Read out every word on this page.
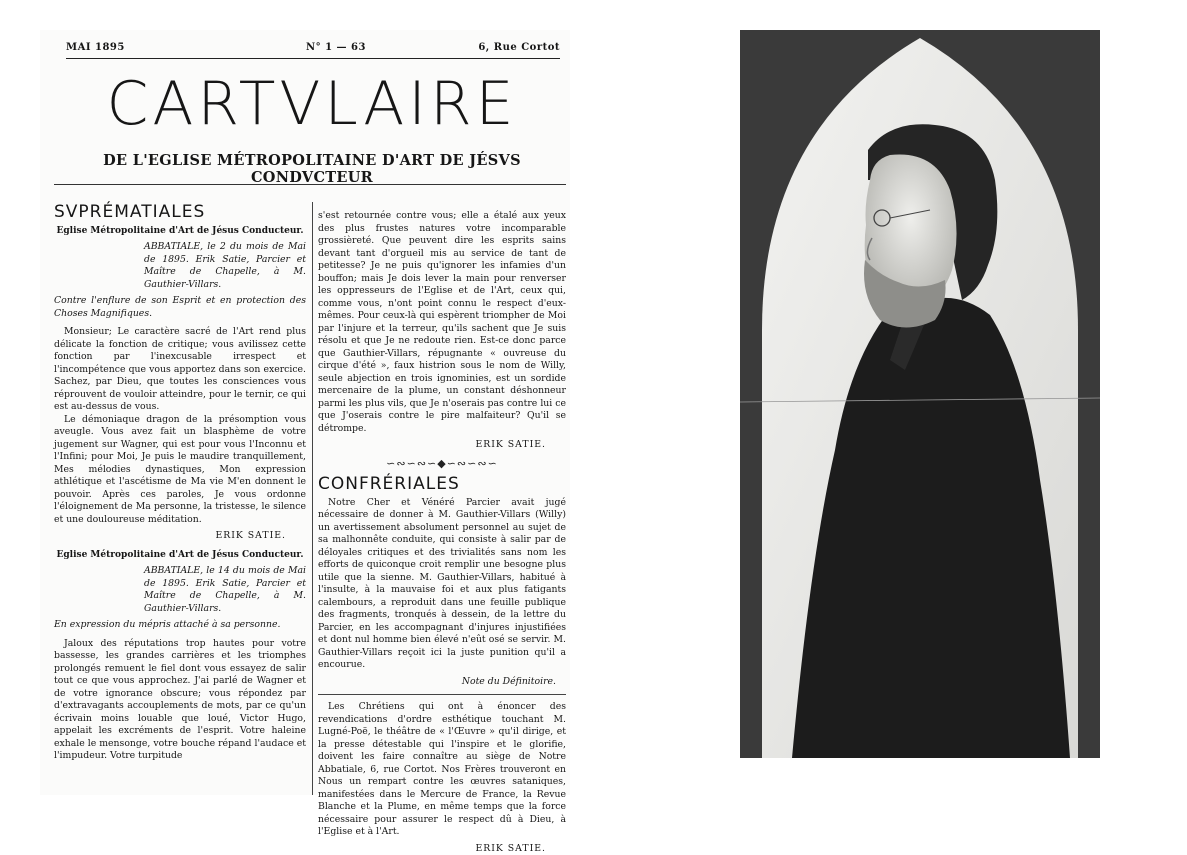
MAI 1895	N° 1 — 63	6, Rue Cortot
CARTVLAIRE
DE L'EGLISE MÉTROPOLITAINE D'ART DE JÉSVS CONDVCTEUR
SVPRÉMATIALES
Eglise Métropolitaine d'Art de Jésus Conducteur.
ABBATIALE, le 2 du mois de Mai de 1895. Erik Satie, Parcier et Maître de Chapelle, à M. Gauthier-Villars.
Contre l'enflure de son Esprit et en protection des Choses Magnifiques.

Monsieur; Le caractère sacré de l'Art rend plus délicate la fonction de critique; vous avilissez cette fonction par l'inexcusable irrespect et l'incompétence que vous apportez dans son exercice. Sachez, par Dieu, que toutes les consciences vous réprouvent de vouloir atteindre, pour le ternir, ce qui est au-dessus de vous.

Le démoniaque dragon de la présomption vous aveugle. Vous avez fait un blasphème de votre jugement sur Wagner, qui est pour vous l'Inconnu et l'Infini; pour Moi, Je puis le maudire tranquillement, Mes mélodies dynastiques, Mon expression athlétique et l'ascétisme de Ma vie M'en donnent le pouvoir. Après ces paroles, Je vous ordonne l'éloignement de Ma personne, la tristesse, le silence et une douloureuse méditation.

ERIK SATIE.
Eglise Métropolitaine d'Art de Jésus Conducteur.
ABBATIALE, le 14 du mois de Mai de 1895. Erik Satie, Parcier et Maître de Chapelle, à M. Gauthier-Villars.
En expression du mépris attaché à sa personne.

Jaloux des réputations trop hautes pour votre bassesse, les grandes carrières et les triomphes prolongés remuent le fiel dont vous essayez de salir tout ce que vous approchez. J'ai parlé de Wagner et de votre ignorance obscure; vous répondez par d'extravagants accouplements de mots, par ce qu'un écrivain moins louable que loué, Victor Hugo, appelait les excréments de l'esprit. Votre haleine exhale le mensonge, votre bouche répand l'audace et l'impudeur. Votre turpitude

s'est retournée contre vous; elle a étalé aux yeux des plus frustes natures votre incomparable grossièreté. Que peuvent dire les esprits sains devant tant d'orgueil mis au service de tant de petitesse? Je ne puis qu'ignorer les infamies d'un bouffon; mais Je dois lever la main pour renverser les oppresseurs de l'Eglise et de l'Art, ceux qui, comme vous, n'ont point connu le respect d'eux-mêmes. Pour ceux-là qui espèrent triompher de Moi par l'injure et la terreur, qu'ils sachent que Je suis résolu et que Je ne redoute rien. Est-ce donc parce que Gauthier-Villars, répugnante « ouvreuse du cirque d'été », faux histrion sous le nom de Willy, seule abjection en trois ignominies, est un sordide mercenaire de la plume, un constant déshonneur parmi les plus vils, que Je n'oserais pas contre lui ce que J'oserais contre le pire malfaiteur? Qu'il se détrompe.

ERIK SATIE.
∽∾∽∾∽◆∽∾∽∾∽
CONFRÉRIALES

Notre Cher et Vénéré Parcier avait jugé nécessaire de donner à M. Gauthier-Villars (Willy) un avertissement absolument personnel au sujet de sa malhonnête conduite, qui consiste à salir par de déloyales critiques et des trivialités sans nom les efforts de quiconque croit remplir une besogne plus utile que la sienne. M. Gauthier-Villars, habitué à l'insulte, à la mauvaise foi et aux plus fatigants calembours, a reproduit dans une feuille publique des fragments, tronqués à dessein, de la lettre du Parcier, en les accompagnant d'injures injustifiées et dont nul homme bien élevé n'eût osé se servir. M. Gauthier-Villars reçoit ici la juste punition qu'il a encourue.

Note du Définitoire.

Les Chrétiens qui ont à énoncer des revendications d'ordre esthétique touchant M. Lugné-Poë, le théâtre de « l'Œuvre » qu'il dirige, et la presse détestable qui l'inspire et le glorifie, doivent les faire connaître au siège de Notre Abbatiale, 6, rue Cortot. Nos Frères trouveront en Nous un rempart contre les œuvres sataniques, manifestées dans le Mercure de France, la Revue Blanche et la Plume, en même temps que la force nécessaire pour assurer le respect dû à Dieu, à l'Eglise et à l'Art.

ERIK SATIE.
